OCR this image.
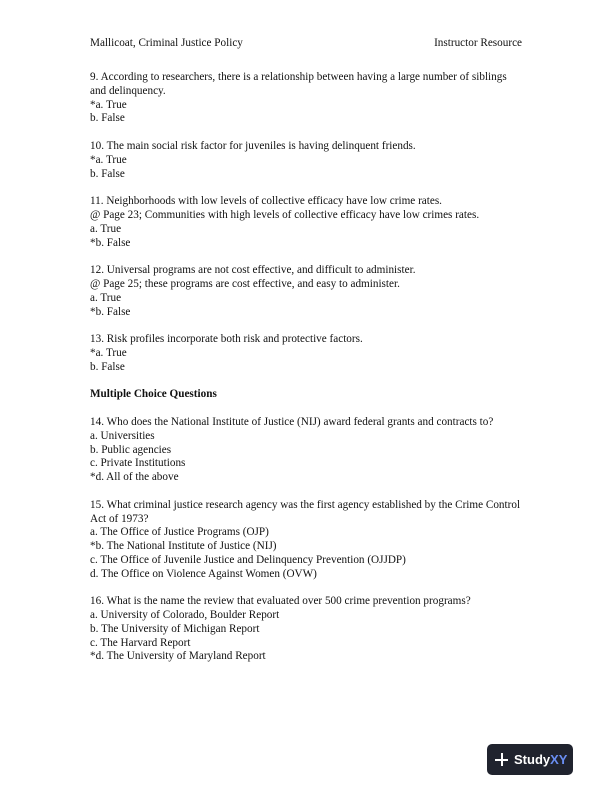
Mallicoat, Criminal Justice Policy	Instructor Resource

9. According to researchers, there is a relationship between having a large number of siblings and delinquency.

*a. True

b. False

10. The main social risk factor for juveniles is having delinquent friends.

*a. True

b. False

11. Neighborhoods with low levels of collective efficacy have low crime rates.

@ Page 23; Communities with high levels of collective efficacy have low crimes rates.

a. True

*b. False

12. Universal programs are not cost effective, and difficult to administer.

@ Page 25; these programs are cost effective, and easy to administer.

a. True

*b. False

13. Risk profiles incorporate both risk and protective factors.

*a. True

b. False

Multiple Choice Questions

14. Who does the National Institute of Justice (NIJ) award federal grants and contracts to?

a. Universities

b. Public agencies

c. Private Institutions

*d. All of the above

15. What criminal justice research agency was the first agency established by the Crime Control Act of 1973?

a. The Office of Justice Programs (OJP)

*b. The National Institute of Justice (NIJ)

c. The Office of Juvenile Justice and Delinquency Prevention (OJJDP)

d. The Office on Violence Against Women (OVW)

16. What is the name the review that evaluated over 500 crime prevention programs?

a. University of Colorado, Boulder Report

b. The University of Michigan Report

c. The Harvard Report

*d. The University of Maryland Report

Study XY
